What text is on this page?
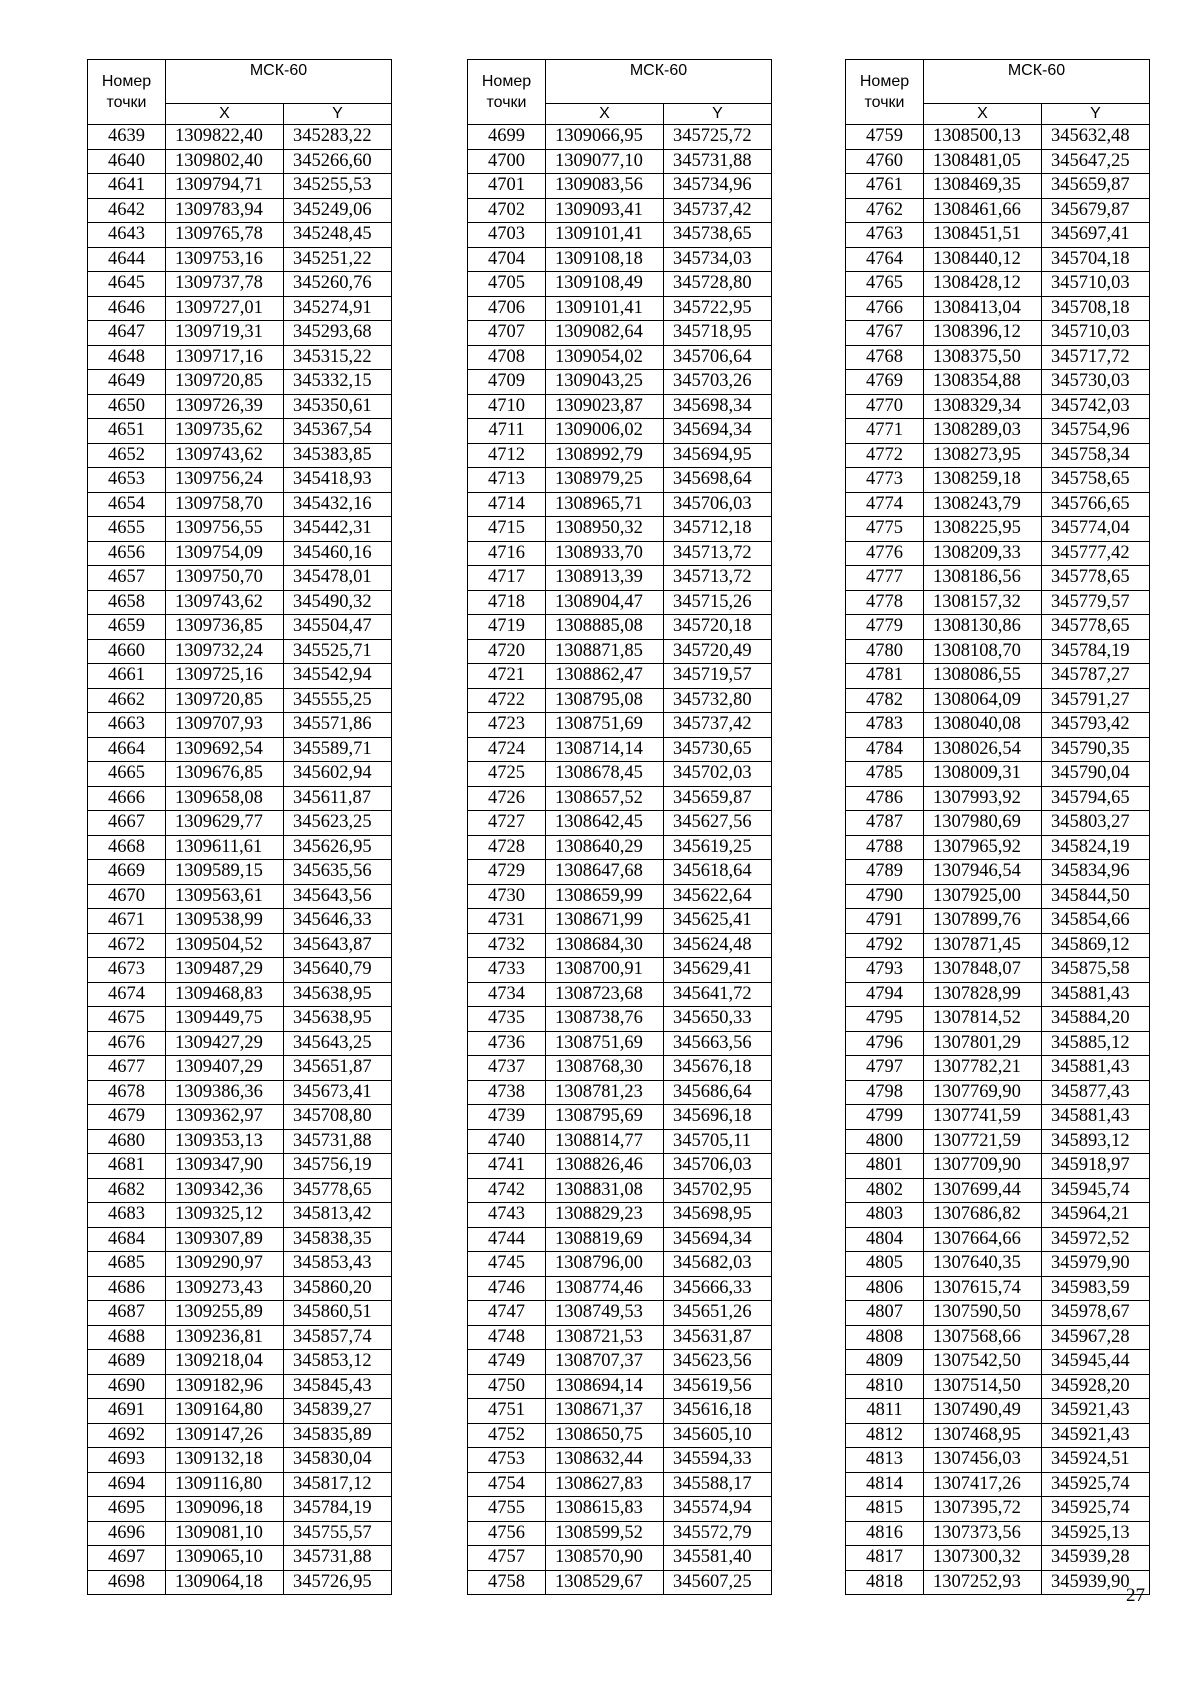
Номер
точки	МСК-60	
	X	Y
4639	1309822,40	345283,22
4640	1309802,40	345266,60
4641	1309794,71	345255,53
4642	1309783,94	345249,06
4643	1309765,78	345248,45
4644	1309753,16	345251,22
4645	1309737,78	345260,76
4646	1309727,01	345274,91
4647	1309719,31	345293,68
4648	1309717,16	345315,22
4649	1309720,85	345332,15
4650	1309726,39	345350,61
4651	1309735,62	345367,54
4652	1309743,62	345383,85
4653	1309756,24	345418,93
4654	1309758,70	345432,16
4655	1309756,55	345442,31
4656	1309754,09	345460,16
4657	1309750,70	345478,01
4658	1309743,62	345490,32
4659	1309736,85	345504,47
4660	1309732,24	345525,71
4661	1309725,16	345542,94
4662	1309720,85	345555,25
4663	1309707,93	345571,86
4664	1309692,54	345589,71
4665	1309676,85	345602,94
4666	1309658,08	345611,87
4667	1309629,77	345623,25
4668	1309611,61	345626,95
4669	1309589,15	345635,56
4670	1309563,61	345643,56
4671	1309538,99	345646,33
4672	1309504,52	345643,87
4673	1309487,29	345640,79
4674	1309468,83	345638,95
4675	1309449,75	345638,95
4676	1309427,29	345643,25
4677	1309407,29	345651,87
4678	1309386,36	345673,41
4679	1309362,97	345708,80
4680	1309353,13	345731,88
4681	1309347,90	345756,19
4682	1309342,36	345778,65
4683	1309325,12	345813,42
4684	1309307,89	345838,35
4685	1309290,97	345853,43
4686	1309273,43	345860,20
4687	1309255,89	345860,51
4688	1309236,81	345857,74
4689	1309218,04	345853,12
4690	1309182,96	345845,43
4691	1309164,80	345839,27
4692	1309147,26	345835,89
4693	1309132,18	345830,04
4694	1309116,80	345817,12
4695	1309096,18	345784,19
4696	1309081,10	345755,57
4697	1309065,10	345731,88
4698	1309064,18	345726,95
Номер
точки	МСК-60	
	X	Y
4699	1309066,95	345725,72
4700	1309077,10	345731,88
4701	1309083,56	345734,96
4702	1309093,41	345737,42
4703	1309101,41	345738,65
4704	1309108,18	345734,03
4705	1309108,49	345728,80
4706	1309101,41	345722,95
4707	1309082,64	345718,95
4708	1309054,02	345706,64
4709	1309043,25	345703,26
4710	1309023,87	345698,34
4711	1309006,02	345694,34
4712	1308992,79	345694,95
4713	1308979,25	345698,64
4714	1308965,71	345706,03
4715	1308950,32	345712,18
4716	1308933,70	345713,72
4717	1308913,39	345713,72
4718	1308904,47	345715,26
4719	1308885,08	345720,18
4720	1308871,85	345720,49
4721	1308862,47	345719,57
4722	1308795,08	345732,80
4723	1308751,69	345737,42
4724	1308714,14	345730,65
4725	1308678,45	345702,03
4726	1308657,52	345659,87
4727	1308642,45	345627,56
4728	1308640,29	345619,25
4729	1308647,68	345618,64
4730	1308659,99	345622,64
4731	1308671,99	345625,41
4732	1308684,30	345624,48
4733	1308700,91	345629,41
4734	1308723,68	345641,72
4735	1308738,76	345650,33
4736	1308751,69	345663,56
4737	1308768,30	345676,18
4738	1308781,23	345686,64
4739	1308795,69	345696,18
4740	1308814,77	345705,11
4741	1308826,46	345706,03
4742	1308831,08	345702,95
4743	1308829,23	345698,95
4744	1308819,69	345694,34
4745	1308796,00	345682,03
4746	1308774,46	345666,33
4747	1308749,53	345651,26
4748	1308721,53	345631,87
4749	1308707,37	345623,56
4750	1308694,14	345619,56
4751	1308671,37	345616,18
4752	1308650,75	345605,10
4753	1308632,44	345594,33
4754	1308627,83	345588,17
4755	1308615,83	345574,94
4756	1308599,52	345572,79
4757	1308570,90	345581,40
4758	1308529,67	345607,25
Номер
точки	МСК-60	
	X	Y
4759	1308500,13	345632,48
4760	1308481,05	345647,25
4761	1308469,35	345659,87
4762	1308461,66	345679,87
4763	1308451,51	345697,41
4764	1308440,12	345704,18
4765	1308428,12	345710,03
4766	1308413,04	345708,18
4767	1308396,12	345710,03
4768	1308375,50	345717,72
4769	1308354,88	345730,03
4770	1308329,34	345742,03
4771	1308289,03	345754,96
4772	1308273,95	345758,34
4773	1308259,18	345758,65
4774	1308243,79	345766,65
4775	1308225,95	345774,04
4776	1308209,33	345777,42
4777	1308186,56	345778,65
4778	1308157,32	345779,57
4779	1308130,86	345778,65
4780	1308108,70	345784,19
4781	1308086,55	345787,27
4782	1308064,09	345791,27
4783	1308040,08	345793,42
4784	1308026,54	345790,35
4785	1308009,31	345790,04
4786	1307993,92	345794,65
4787	1307980,69	345803,27
4788	1307965,92	345824,19
4789	1307946,54	345834,96
4790	1307925,00	345844,50
4791	1307899,76	345854,66
4792	1307871,45	345869,12
4793	1307848,07	345875,58
4794	1307828,99	345881,43
4795	1307814,52	345884,20
4796	1307801,29	345885,12
4797	1307782,21	345881,43
4798	1307769,90	345877,43
4799	1307741,59	345881,43
4800	1307721,59	345893,12
4801	1307709,90	345918,97
4802	1307699,44	345945,74
4803	1307686,82	345964,21
4804	1307664,66	345972,52
4805	1307640,35	345979,90
4806	1307615,74	345983,59
4807	1307590,50	345978,67
4808	1307568,66	345967,28
4809	1307542,50	345945,44
4810	1307514,50	345928,20
4811	1307490,49	345921,43
4812	1307468,95	345921,43
4813	1307456,03	345924,51
4814	1307417,26	345925,74
4815	1307395,72	345925,74
4816	1307373,56	345925,13
4817	1307300,32	345939,28
4818	1307252,93	345939,90
27
